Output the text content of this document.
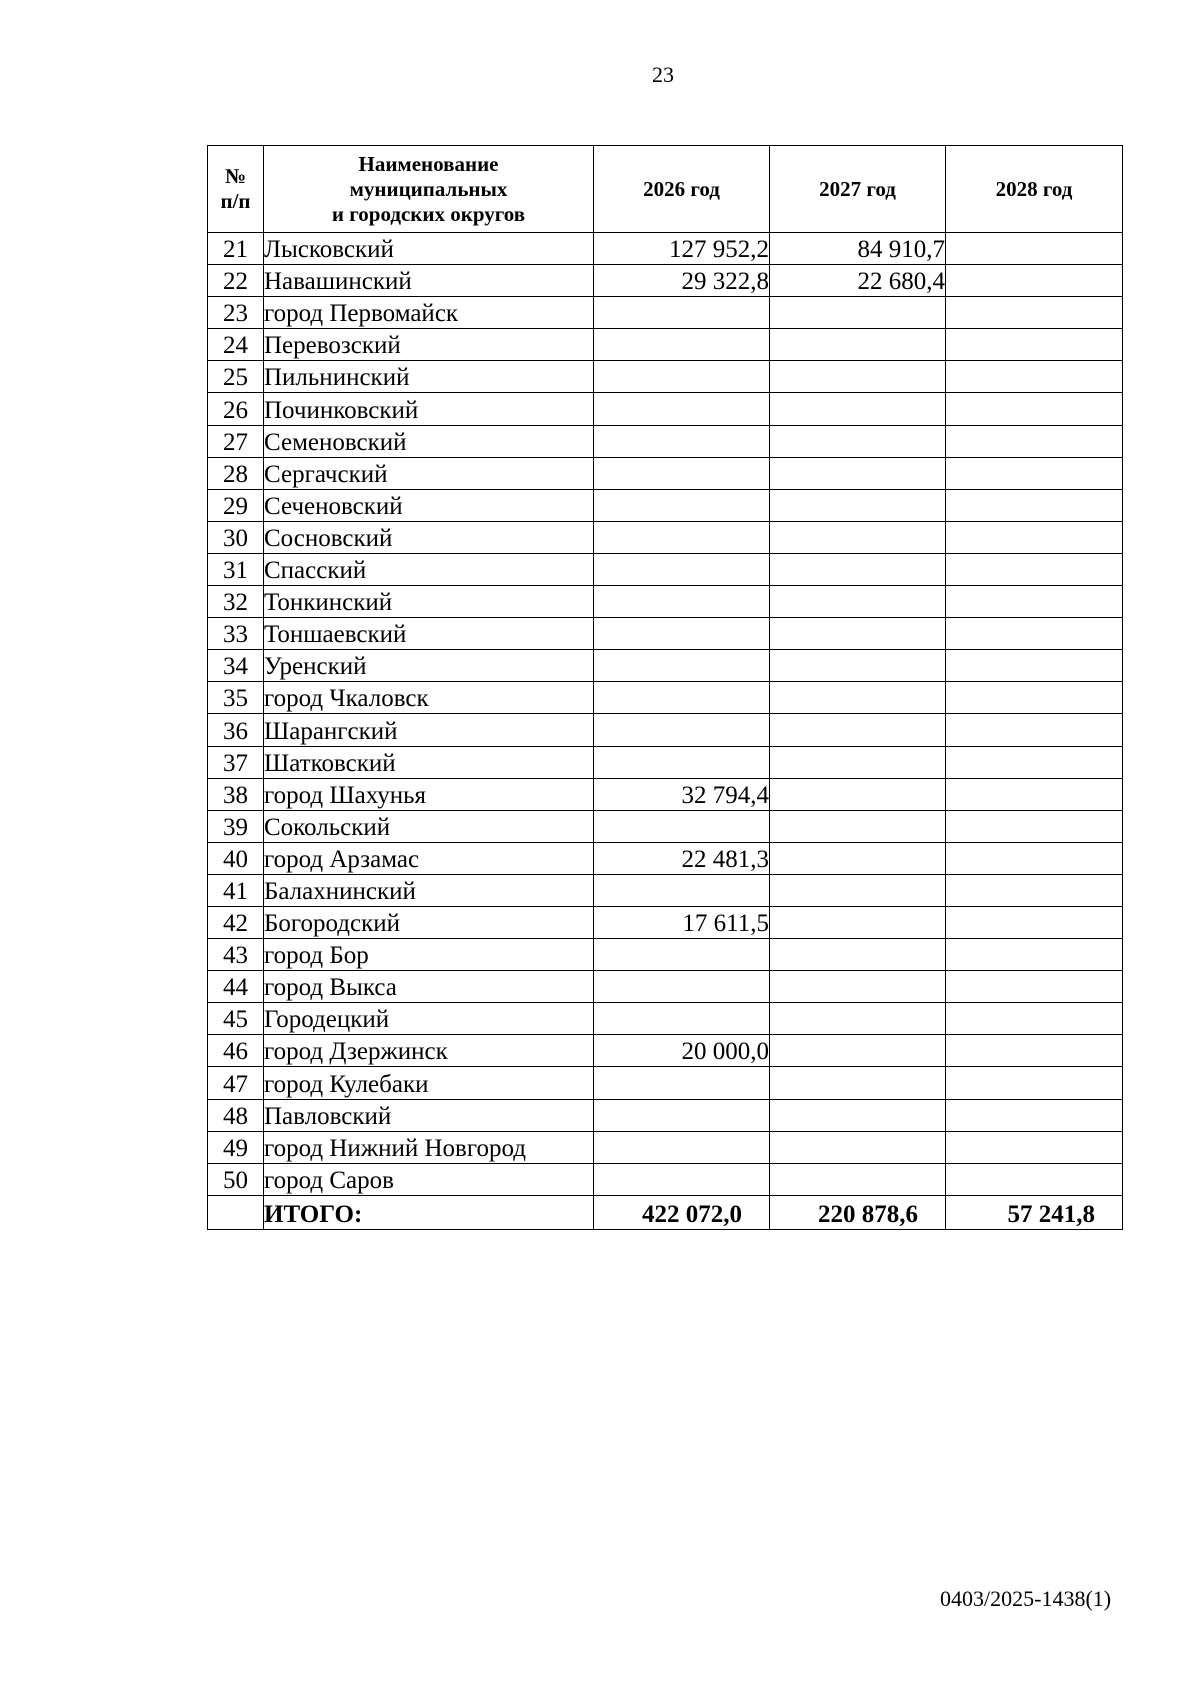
23
№
п/п	Наименование
муниципальных
и городских округов	2026 год	2027 год	2028 год
21	Лысковский	127 952,2	84 910,7	
22	Навашинский	29 322,8	22 680,4	
23	город Первомайск			
24	Перевозский			
25	Пильнинский			
26	Починковский			
27	Семеновский			
28	Сергачский			
29	Сеченовский			
30	Сосновский			
31	Спасский			
32	Тонкинский			
33	Тоншаевский			
34	Уренский			
35	город Чкаловск			
36	Шарангский			
37	Шатковский			
38	город Шахунья	32 794,4		
39	Сокольский			
40	город Арзамас	22 481,3		
41	Балахнинский			
42	Богородский	17 611,5		
43	город Бор			
44	город Выкса			
45	Городецкий			
46	город Дзержинск	20 000,0		
47	город Кулебаки			
48	Павловский			
49	город Нижний Новгород			
50	город Саров			
	ИТОГО:	422 072,0	220 878,6	57 241,8
0403/2025-1438(1)
